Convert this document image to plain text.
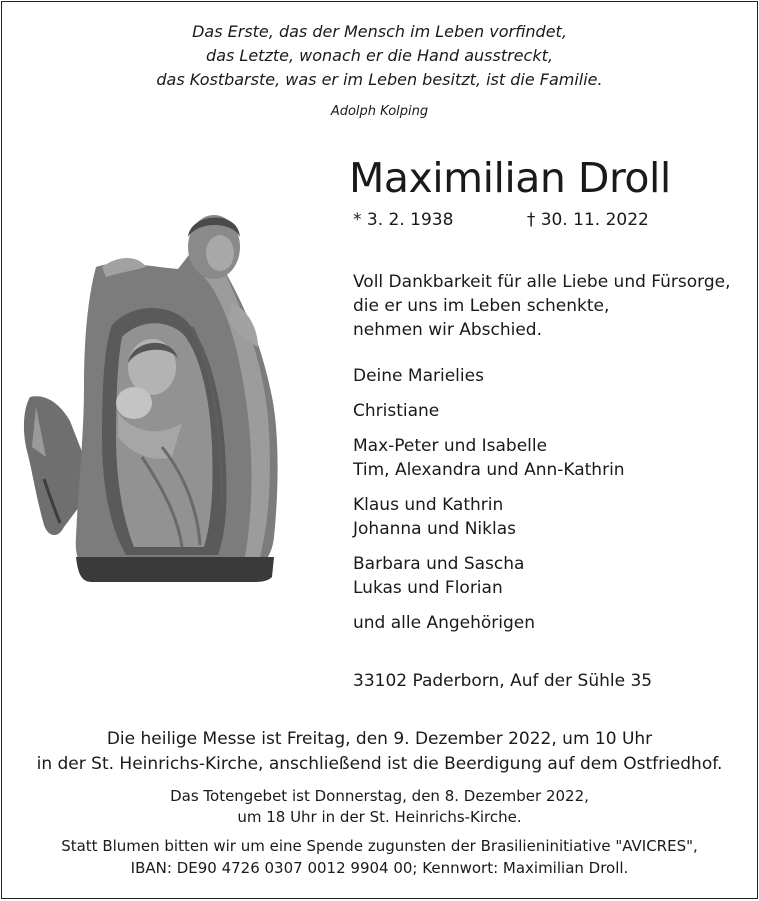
Das Erste, das der Mensch im Leben vorfindet,
das Letzte, wonach er die Hand ausstreckt,
das Kostbarste, was er im Leben besitzt, ist die Familie.
Adolph Kolping
Maximilian Droll
* 3. 2. 1938	† 30. 11. 2022
Voll Dankbarkeit für alle Liebe und Fürsorge,
die er uns im Leben schenkte,
nehmen wir Abschied.
Deine Marielies
Christiane
Max-Peter und Isabelle
Tim, Alexandra und Ann-Kathrin
Klaus und Kathrin
Johanna und Niklas
Barbara und Sascha
Lukas und Florian
und alle Angehörigen
33102 Paderborn, Auf der Sühle 35
Die heilige Messe ist Freitag, den 9. Dezember 2022, um 10 Uhr
in der St. Heinrichs-Kirche, anschließend ist die Beerdigung auf dem Ostfriedhof.
Das Totengebet ist Donnerstag, den 8. Dezember 2022,
um 18 Uhr in der St. Heinrichs-Kirche.
Statt Blumen bitten wir um eine Spende zugunsten der Brasilieninitiative "AVICRES",
IBAN: DE90 4726 0307 0012 9904 00; Kennwort: Maximilian Droll.
